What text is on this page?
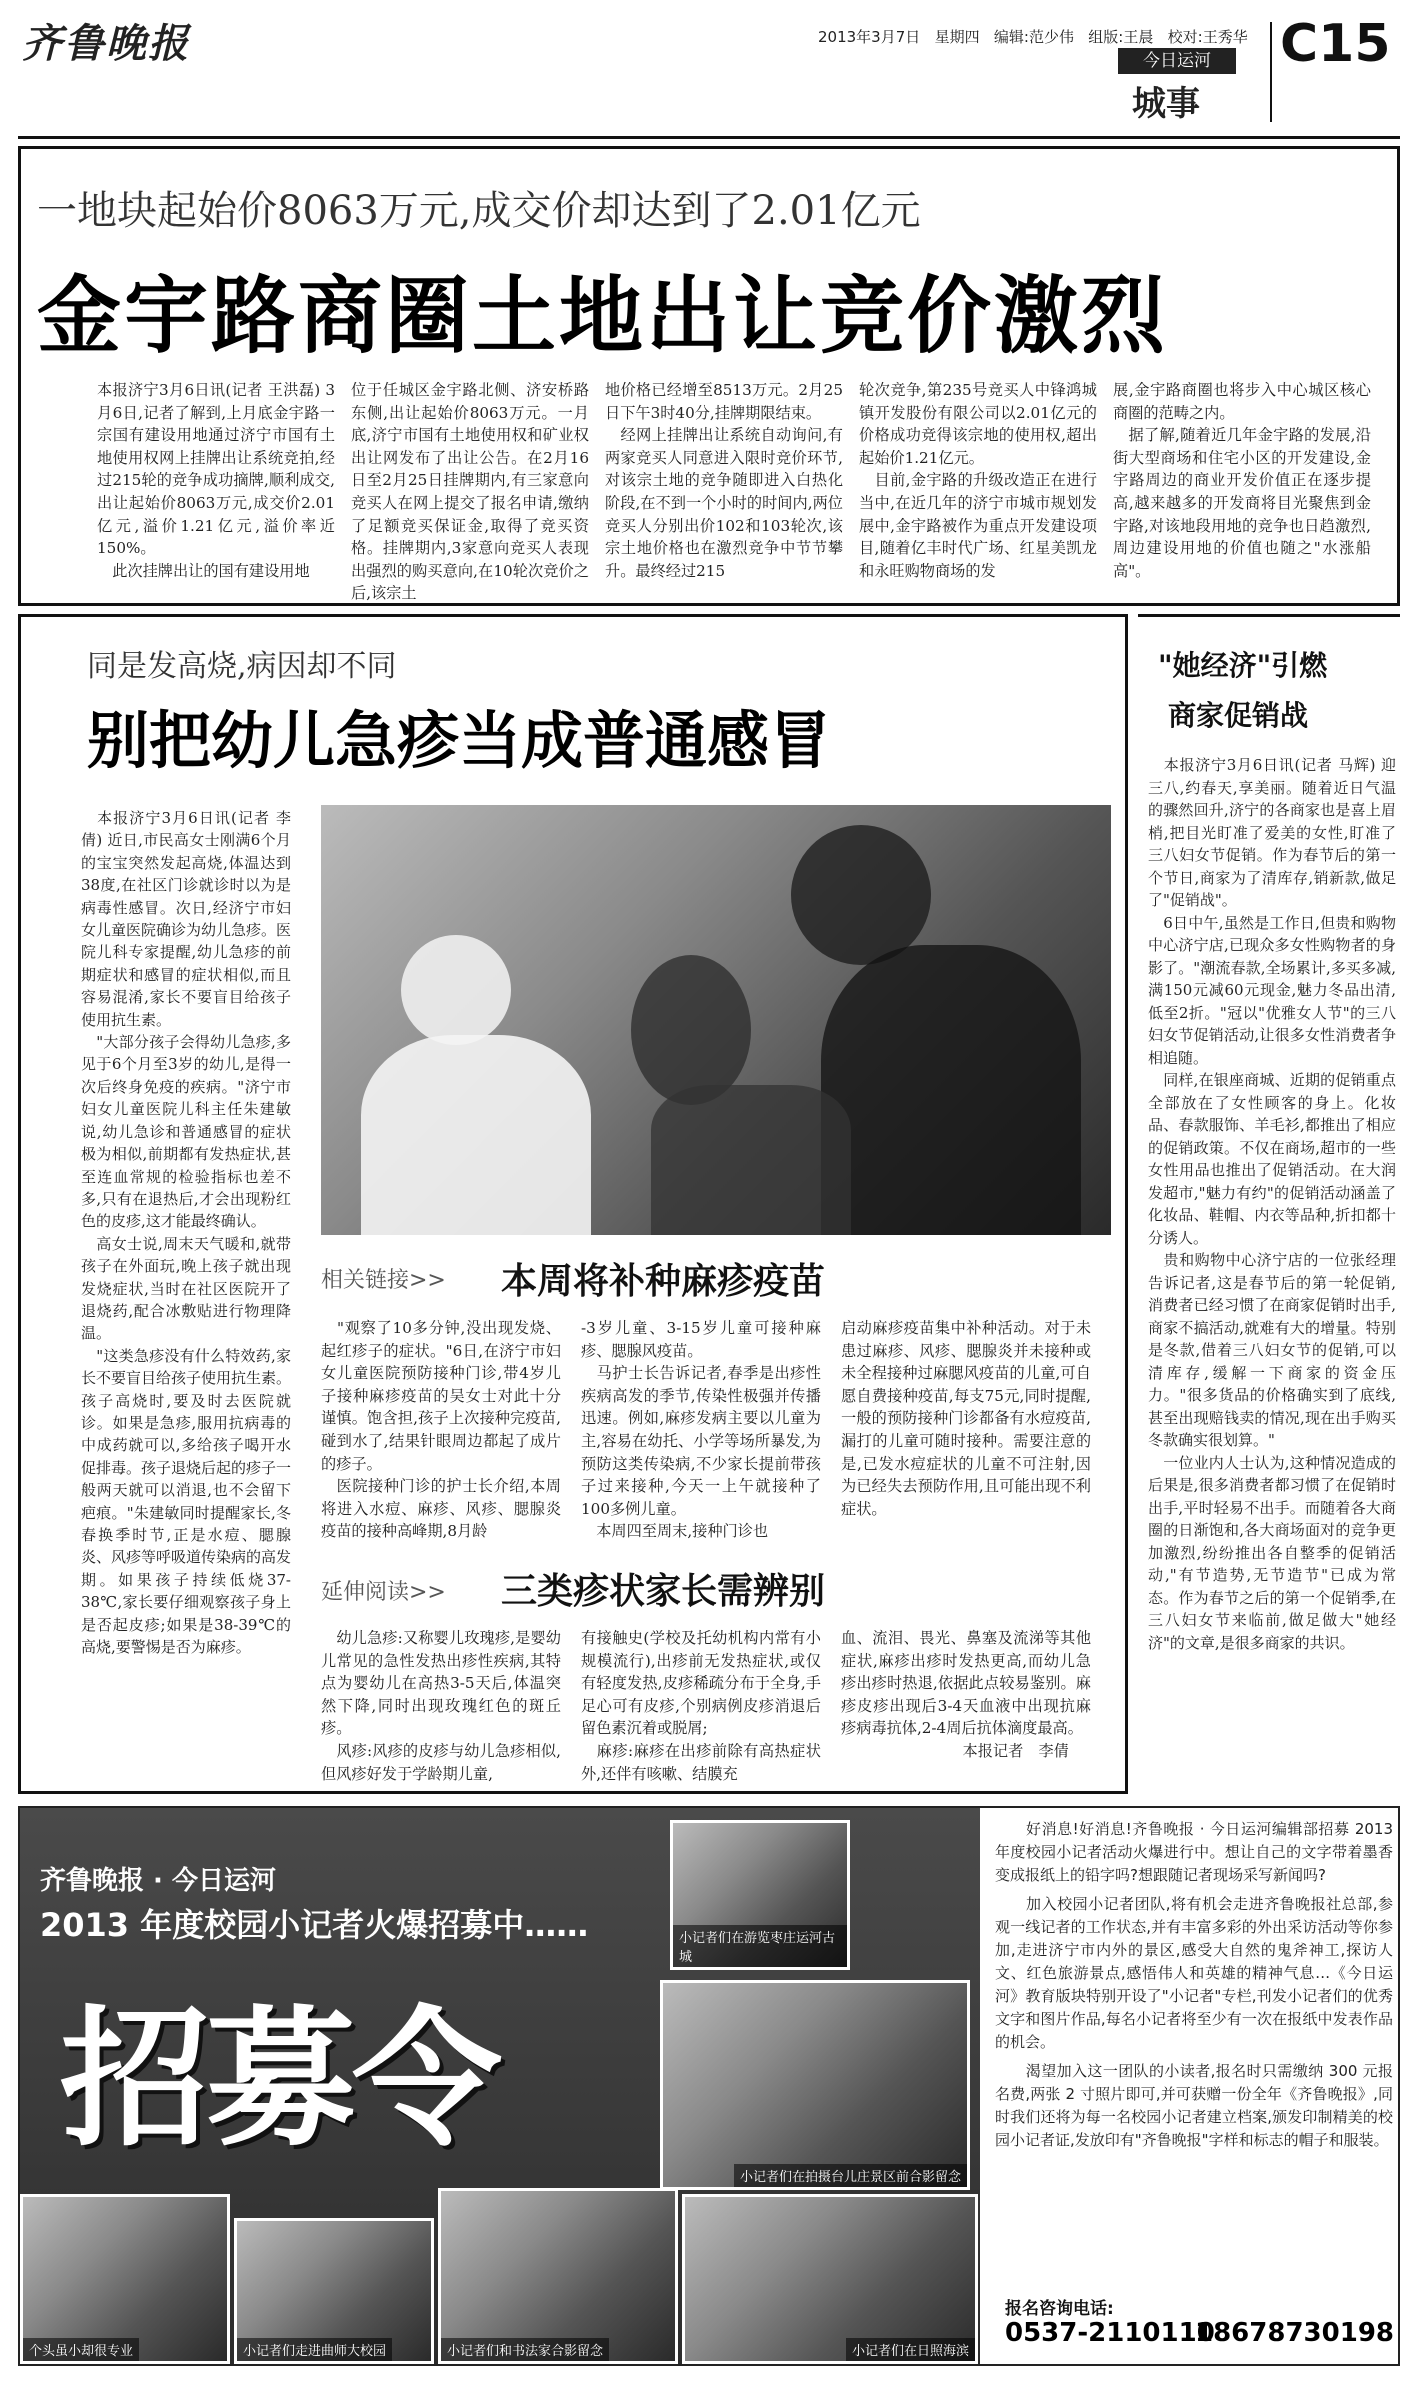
齐鲁晚报	2013年3月7日 星期四 编辑:范少伟 组版:王晨 校对:王秀华
今日运河
城事
C15
一地块起始价8063万元,成交价却达到了2.01亿元
金宇路商圈土地出让竞价激烈
本报济宁3月6日讯(记者 王洪磊) 3月6日,记者了解到,上月底金宇路一宗国有建设用地通过济宁市国有土地使用权网上挂牌出让系统竞拍,经过215轮的竞争成功摘牌,顺利成交,出让起始价8063万元,成交价2.01亿元,溢价1.21亿元,溢价率近150%。
　此次挂牌出让的国有建设用地
位于任城区金宇路北侧、济安桥路东侧,出让起始价8063万元。一月底,济宁市国有土地使用权和矿业权出让网发布了出让公告。在2月16日至2月25日挂牌期内,有三家意向竞买人在网上提交了报名申请,缴纳了足额竞买保证金,取得了竞买资格。挂牌期内,3家意向竞买人表现出强烈的购买意向,在10轮次竞价之后,该宗土
地价格已经增至8513万元。2月25日下午3时40分,挂牌期限结束。
　经网上挂牌出让系统自动询问,有两家竞买人同意进入限时竞价环节,对该宗土地的竞争随即进入白热化阶段,在不到一个小时的时间内,两位竞买人分别出价102和103轮次,该宗土地价格也在激烈竞争中节节攀升。最终经过215
轮次竞争,第235号竞买人中锋鸿城镇开发股份有限公司以2.01亿元的价格成功竞得该宗地的使用权,超出起始价1.21亿元。
　目前,金宇路的升级改造正在进行当中,在近几年的济宁市城市规划发展中,金宇路被作为重点开发建设项目,随着亿丰时代广场、红星美凯龙和永旺购物商场的发
展,金宇路商圈也将步入中心城区核心商圈的范畴之内。
　据了解,随着近几年金宇路的发展,沿街大型商场和住宅小区的开发建设,金宇路周边的商业开发价值正在逐步提高,越来越多的开发商将目光聚焦到金宇路,对该地段用地的竞争也日趋激烈,周边建设用地的价值也随之"水涨船高"。
同是发高烧,病因却不同
别把幼儿急疹当成普通感冒
　本报济宁3月6日讯(记者 李倩) 近日,市民高女士刚满6个月的宝宝突然发起高烧,体温达到38度,在社区门诊就诊时以为是病毒性感冒。次日,经济宁市妇女儿童医院确诊为幼儿急疹。医院儿科专家提醒,幼儿急疹的前期症状和感冒的症状相似,而且容易混淆,家长不要盲目给孩子使用抗生素。
　"大部分孩子会得幼儿急疹,多见于6个月至3岁的幼儿,是得一次后终身免疫的疾病。"济宁市妇女儿童医院儿科主任朱建敏说,幼儿急诊和普通感冒的症状极为相似,前期都有发热症状,甚至连血常规的检验指标也差不多,只有在退热后,才会出现粉红色的皮疹,这才能最终确认。
　高女士说,周末天气暖和,就带孩子在外面玩,晚上孩子就出现发烧症状,当时在社区医院开了退烧药,配合冰敷贴进行物理降温。
　"这类急疹没有什么特效药,家长不要盲目给孩子使用抗生素。孩子高烧时,要及时去医院就诊。如果是急疹,服用抗病毒的中成药就可以,多给孩子喝开水促排毒。孩子退烧后起的疹子一般两天就可以消退,也不会留下疤痕。"朱建敏同时提醒家长,冬春换季时节,正是水痘、腮腺炎、风疹等呼吸道传染病的高发期。如果孩子持续低烧37-38℃,家长要仔细观察孩子身上是否起皮疹;如果是38-39℃的高烧,要警惕是否为麻疹。
相关链接>> 本周将补种麻疹疫苗
　"观察了10多分钟,没出现发烧、起红疹子的症状。"6日,在济宁市妇女儿童医院预防接种门诊,带4岁儿子接种麻疹疫苗的吴女士对此十分谨慎。饱含担,孩子上次接种完疫苗,碰到水了,结果针眼周边都起了成片的疹子。
　医院接种门诊的护士长介绍,本周将进入水痘、麻疹、风疹、腮腺炎疫苗的接种高峰期,8月龄
-3岁儿童、3-15岁儿童可接种麻疹、腮腺风疫苗。
　马护士长告诉记者,春季是出疹性疾病高发的季节,传染性极强并传播迅速。例如,麻疹发病主要以儿童为主,容易在幼托、小学等场所暴发,为预防这类传染病,不少家长提前带孩子过来接种,今天一上午就接种了100多例儿童。
　本周四至周末,接种门诊也
启动麻疹疫苗集中补种活动。对于未患过麻疹、风疹、腮腺炎并未接种或未全程接种过麻腮风疫苗的儿童,可自愿自费接种疫苗,每支75元,同时提醒,一般的预防接种门诊都备有水痘疫苗,漏打的儿童可随时接种。需要注意的是,已发水痘症状的儿童不可注射,因为已经失去预防作用,且可能出现不利症状。
延伸阅读>> 三类疹状家长需辨别
　幼儿急疹:又称婴儿玫瑰疹,是婴幼儿常见的急性发热出疹性疾病,其特点为婴幼儿在高热3-5天后,体温突然下降,同时出现玫瑰红色的斑丘疹。
　风疹:风疹的皮疹与幼儿急疹相似,但风疹好发于学龄期儿童,
有接触史(学校及托幼机构内常有小规模流行),出疹前无发热症状,或仅有轻度发热,皮疹稀疏分布于全身,手足心可有皮疹,个别病例皮疹消退后留色素沉着或脱屑;
　麻疹:麻疹在出疹前除有高热症状外,还伴有咳嗽、结膜充
血、流泪、畏光、鼻塞及流涕等其他症状,麻疹出疹时发热更高,而幼儿急疹出疹时热退,依据此点较易鉴别。麻疹皮疹出现后3-4天血液中出现抗麻疹病毒抗体,2-4周后抗体滴度最高。
　　　　　　　　本报记者　李倩
"她经济"引燃
商家促销战
　本报济宁3月6日讯(记者 马辉) 迎三八,约春天,享美丽。随着近日气温的骤然回升,济宁的各商家也是喜上眉梢,把目光盯准了爱美的女性,盯准了三八妇女节促销。作为春节后的第一个节日,商家为了清库存,销新款,做足了"促销战"。
　6日中午,虽然是工作日,但贵和购物中心济宁店,已现众多女性购物者的身影了。"潮流春款,全场累计,多买多减,满150元减60元现金,魅力冬品出清,低至2折。"冠以"优雅女人节"的三八妇女节促销活动,让很多女性消费者争相追随。
　同样,在银座商城、近期的促销重点全部放在了女性顾客的身上。化妆品、春款服饰、羊毛衫,都推出了相应的促销政策。不仅在商场,超市的一些女性用品也推出了促销活动。在大润发超市,"魅力有约"的促销活动涵盖了化妆品、鞋帽、内衣等品种,折扣都十分诱人。
　贵和购物中心济宁店的一位张经理告诉记者,这是春节后的第一轮促销,消费者已经习惯了在商家促销时出手,商家不搞活动,就难有大的增量。特别是冬款,借着三八妇女节的促销,可以清库存,缓解一下商家的资金压力。"很多货品的价格确实到了底线,甚至出现赔钱卖的情况,现在出手购买冬款确实很划算。"
　一位业内人士认为,这种情况造成的后果是,很多消费者都习惯了在促销时出手,平时轻易不出手。而随着各大商圈的日渐饱和,各大商场面对的竞争更加激烈,纷纷推出各自整季的促销活动,"有节造势,无节造节"已成为常态。作为春节之后的第一个促销季,在三八妇女节来临前,做足做大"她经济"的文章,是很多商家的共识。
齐鲁晚报 · 今日运河
2013 年度校园小记者火爆招募中……
招募令
小记者们在游览枣庄运河古城
小记者们在拍摄台儿庄景区前合影留念
个头虽小却很专业	小记者们走进曲师大校园	小记者们和书法家合影留念	小记者们在日照海滨
　　好消息!好消息!齐鲁晚报 · 今日运河编辑部招募 2013 年度校园小记者活动火爆进行中。想让自己的文字带着墨香变成报纸上的铅字吗?想跟随记者现场采写新闻吗?
　　加入校园小记者团队,将有机会走进齐鲁晚报社总部,参观一线记者的工作状态,并有丰富多彩的外出采访活动等你参加,走进济宁市内外的景区,感受大自然的鬼斧神工,探访人文、红色旅游景点,感悟伟人和英雄的精神气息…《今日运河》教育版块特别开设了"小记者"专栏,刊发小记者们的优秀文字和图片作品,每名小记者将至少有一次在报纸中发表作品的机会。
　　渴望加入这一团队的小读者,报名时只需缴纳 300 元报名费,两张 2 寸照片即可,并可获赠一份全年《齐鲁晚报》,同时我们还将为每一名校园小记者建立档案,颁发印制精美的校园小记者证,发放印有"齐鲁晚报"字样和标志的帽子和服装。
报名咨询电话:
0537-2110110
18678730198
